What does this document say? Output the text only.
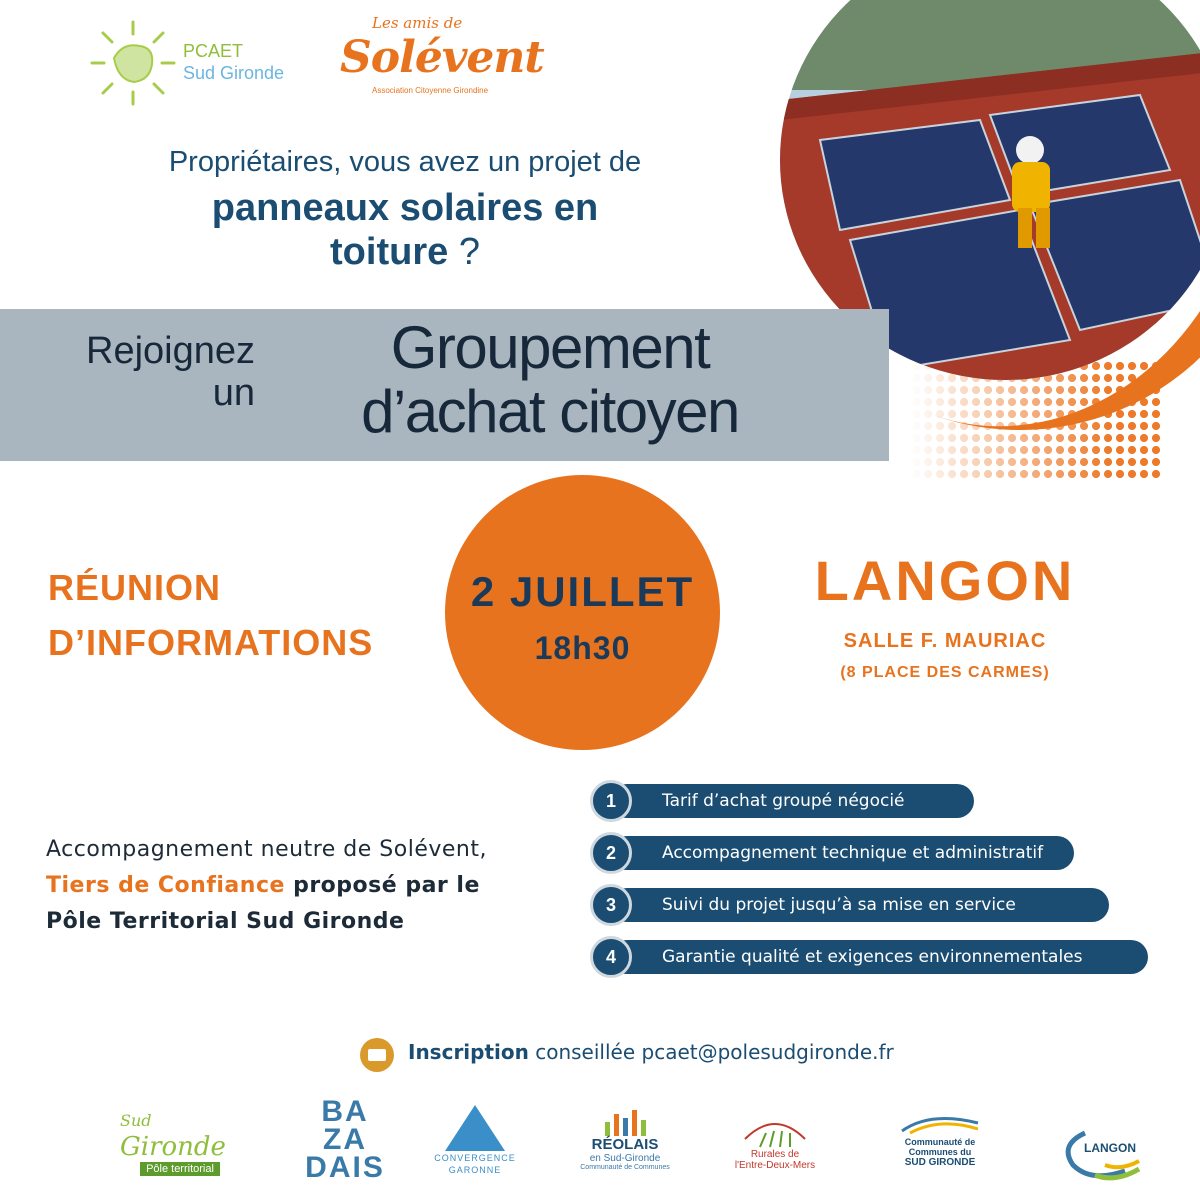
PCAET
Sud Gironde
Les amis de
Solévent
Association Citoyenne Girondine
Propriétaires, vous avez un projet de
panneaux solaires en
toiture ?
Rejoignez
un
Groupement
d’achat citoyen
RÉUNION
D’INFORMATIONS
2 JUILLET
18h30
LANGON
SALLE F. MAURIAC
(8 PLACE DES CARMES)
Accompagnement neutre de Solévent,
Tiers de Confiance proposé par le
Pôle Territorial Sud Gironde
Tarif d’achat groupé négocié
1
Accompagnement technique et administratif
2
Suivi du projet jusqu’à sa mise en service
3
Garantie qualité et exigences environnementales
4
Inscription conseillée pcaet@polesudgironde.fr
Sud Gironde
Pôle territorial
BA ZA DAIS	CONVERGENCE
GARONNE
RÉOLAIS
en Sud-Gironde
Communauté de Communes
Rurales de
l'Entre-Deux-Mers
Communauté de
Communes du
SUD GIRONDE
LANGON
